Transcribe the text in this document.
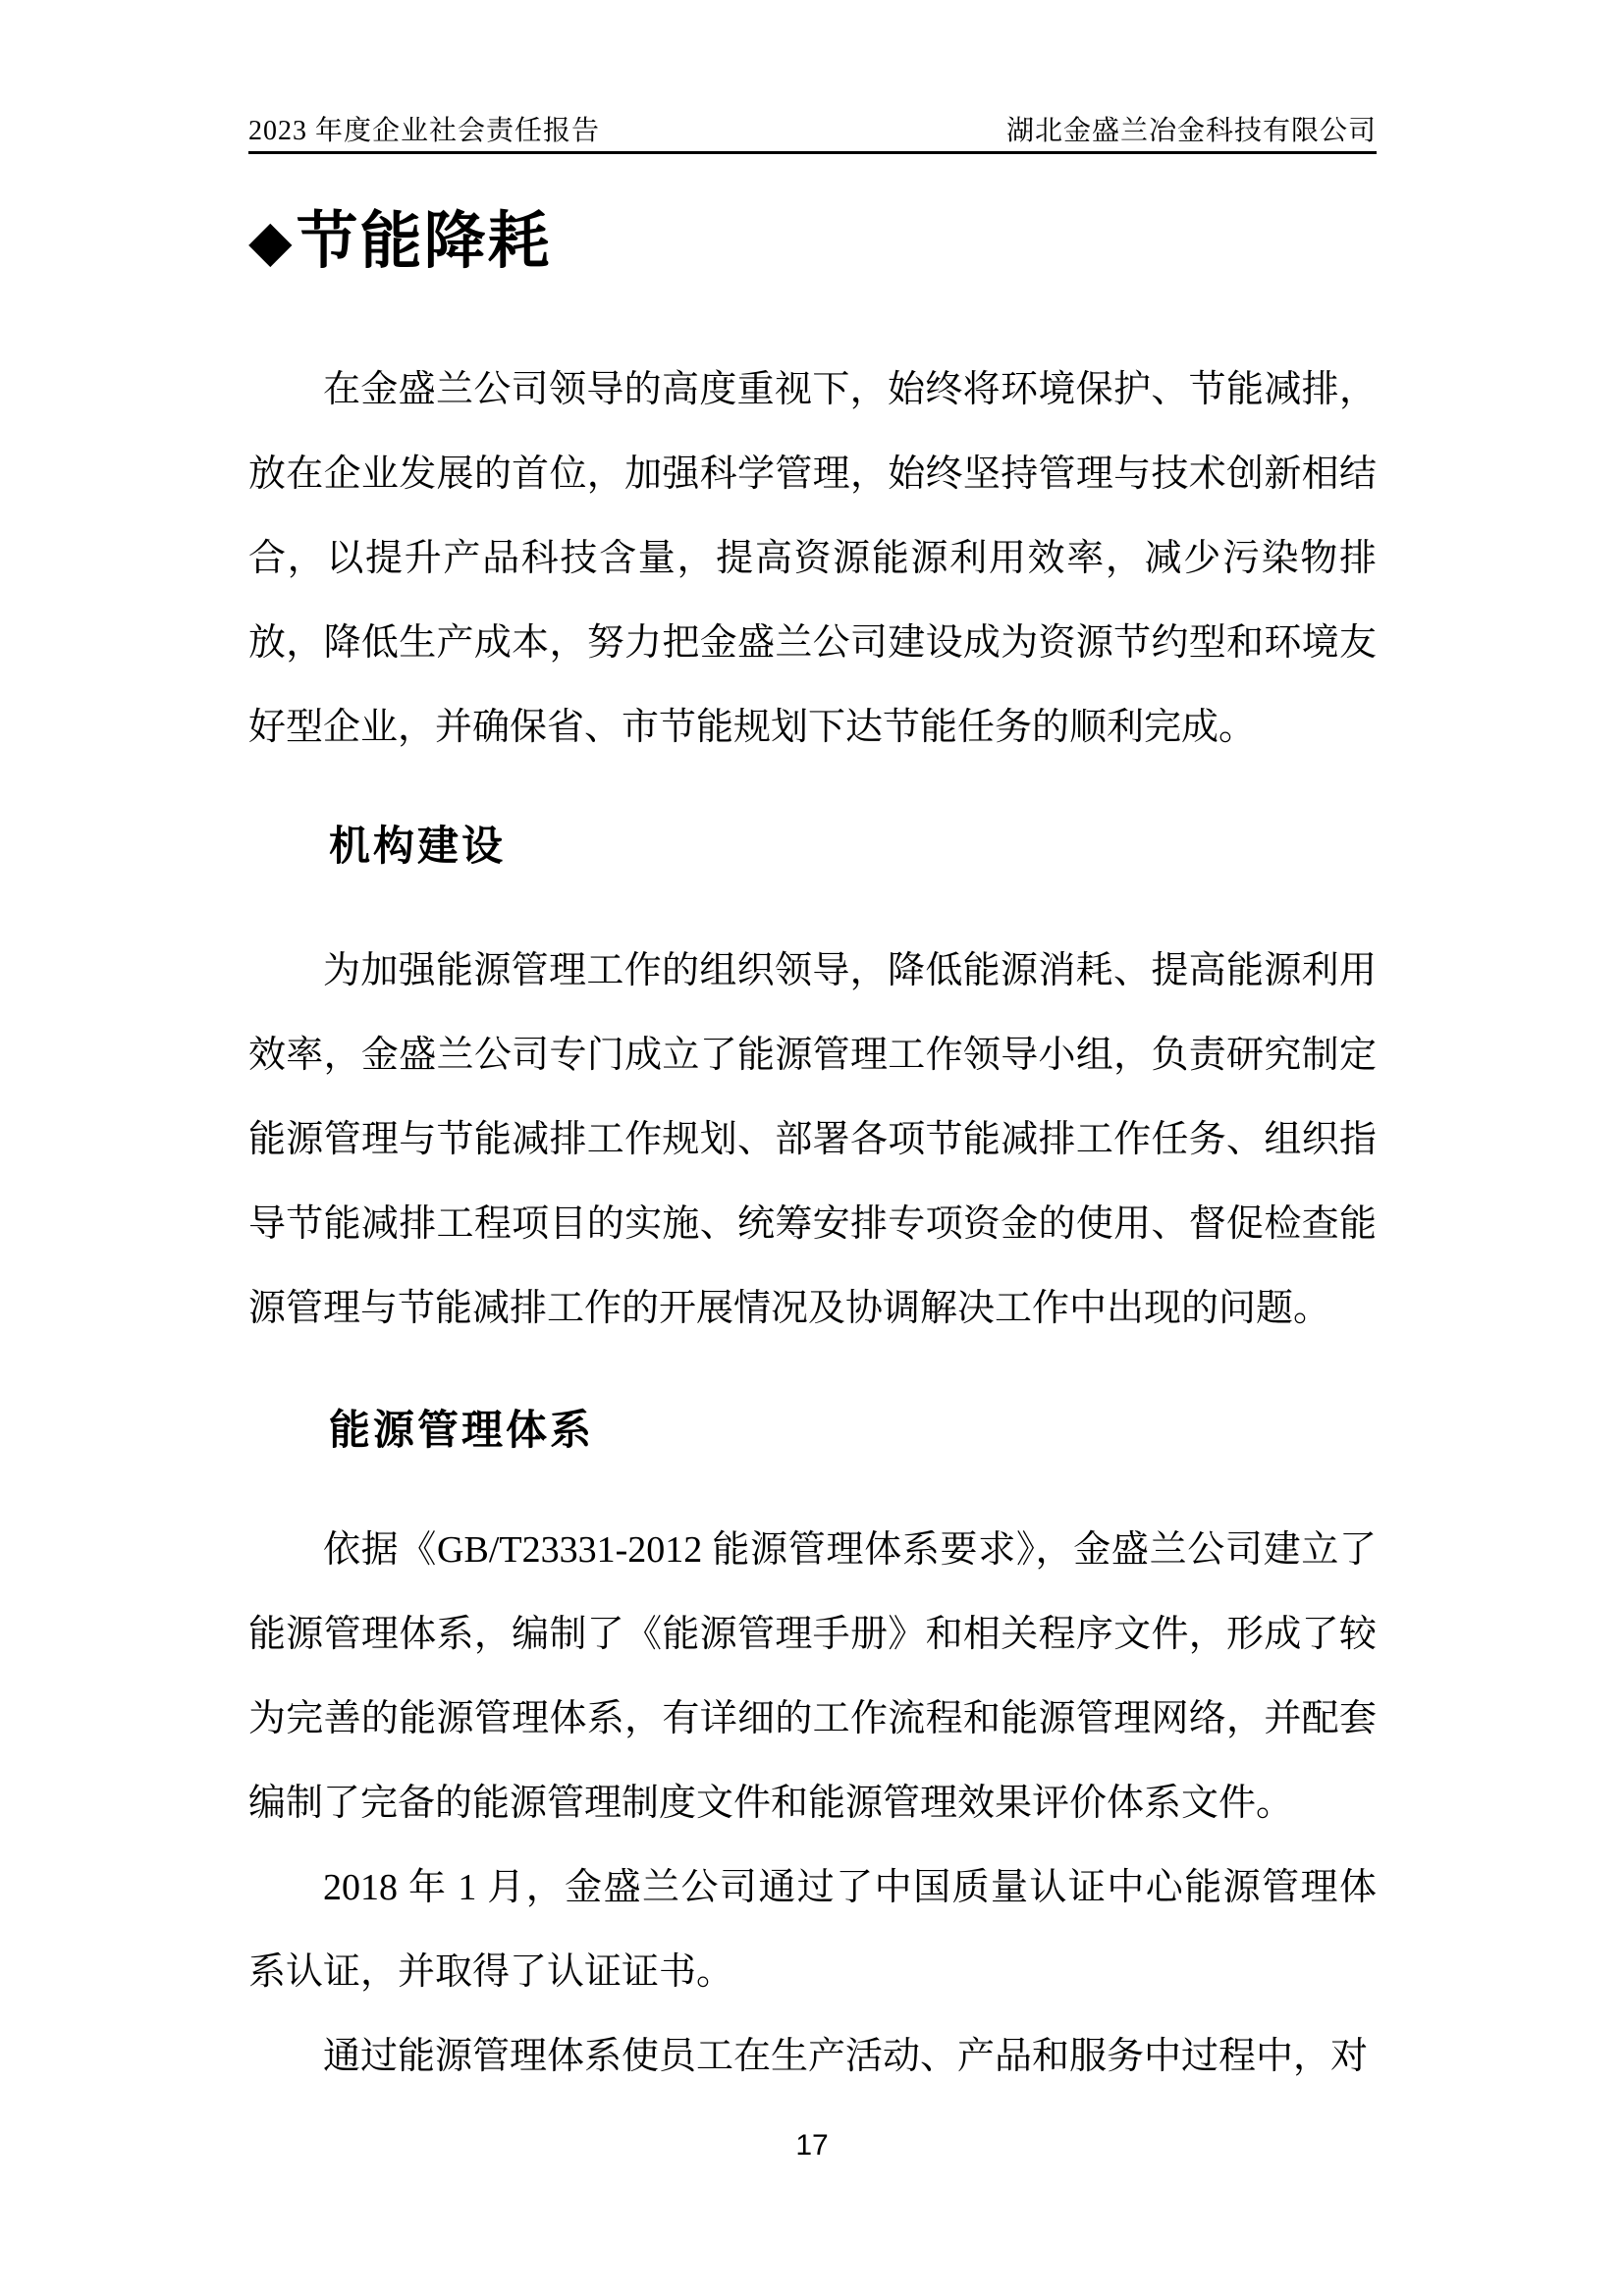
2023 年度企业社会责任报告	湖北金盛兰冶金科技有限公司
◆节能降耗

在金盛兰公司领导的高度重视下，始终将环境保护、节能减排，放在企业发展的首位，加强科学管理，始终坚持管理与技术创新相结合，以提升产品科技含量，提高资源能源利用效率，减少污染物排放，降低生产成本，努力把金盛兰公司建设成为资源节约型和环境友好型企业，并确保省、市节能规划下达节能任务的顺利完成。

机构建设

为加强能源管理工作的组织领导，降低能源消耗、提高能源利用效率，金盛兰公司专门成立了能源管理工作领导小组，负责研究制定能源管理与节能减排工作规划、部署各项节能减排工作任务、组织指导节能减排工程项目的实施、统筹安排专项资金的使用、督促检查能源管理与节能减排工作的开展情况及协调解决工作中出现的问题。

能源管理体系

依据《GB/T23331-2012 能源管理体系要求》，金盛兰公司建立了能源管理体系，编制了《能源管理手册》和相关程序文件，形成了较为完善的能源管理体系，有详细的工作流程和能源管理网络，并配套编制了完备的能源管理制度文件和能源管理效果评价体系文件。

2018 年 1 月，金盛兰公司通过了中国质量认证中心能源管理体系认证，并取得了认证证书。

通过能源管理体系使员工在生产活动、产品和服务中过程中，对

17
